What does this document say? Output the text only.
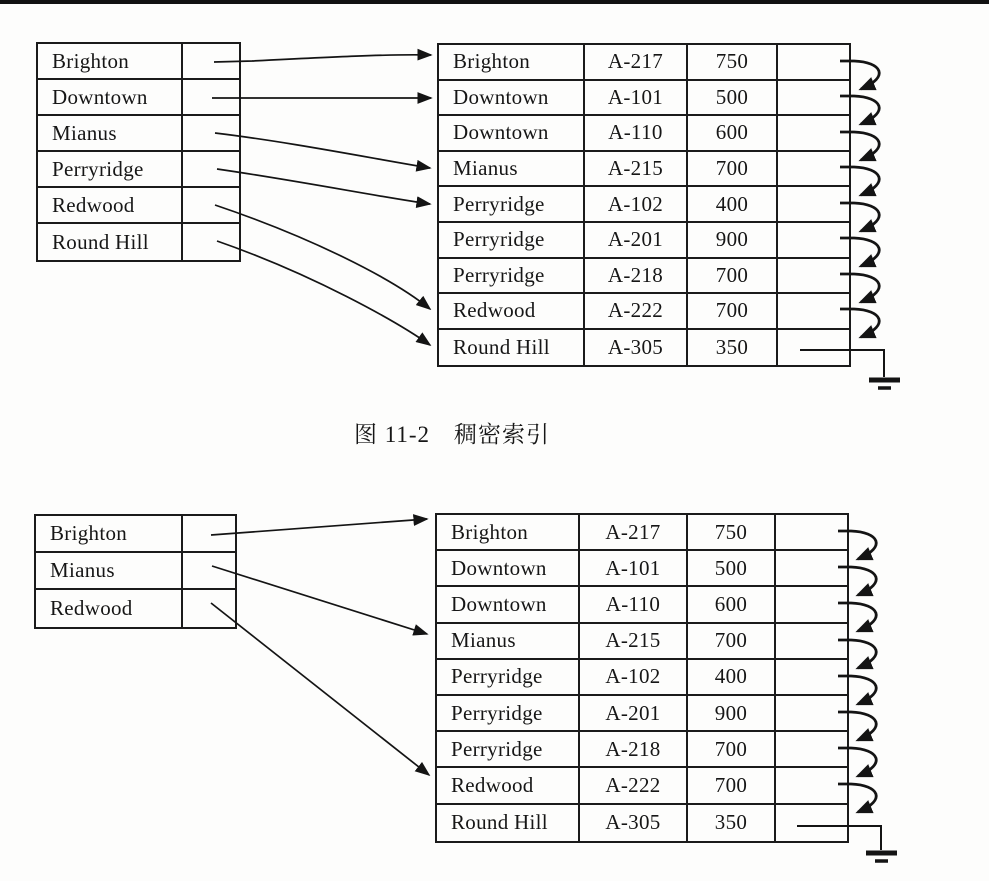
Brighton
Downtown
Mianus
Perryridge
Redwood
Round Hill
Brighton	A-217	750
Downtown	A-101	500
Downtown	A-110	600
Mianus	A-215	700
Perryridge	A-102	400
Perryridge	A-201	900
Perryridge	A-218	700
Redwood	A-222	700
Round Hill	A-305	350
图 11-2　稠密索引
Brighton
Mianus
Redwood
Brighton	A-217	750
Downtown	A-101	500
Downtown	A-110	600
Mianus	A-215	700
Perryridge	A-102	400
Perryridge	A-201	900
Perryridge	A-218	700
Redwood	A-222	700
Round Hill	A-305	350
